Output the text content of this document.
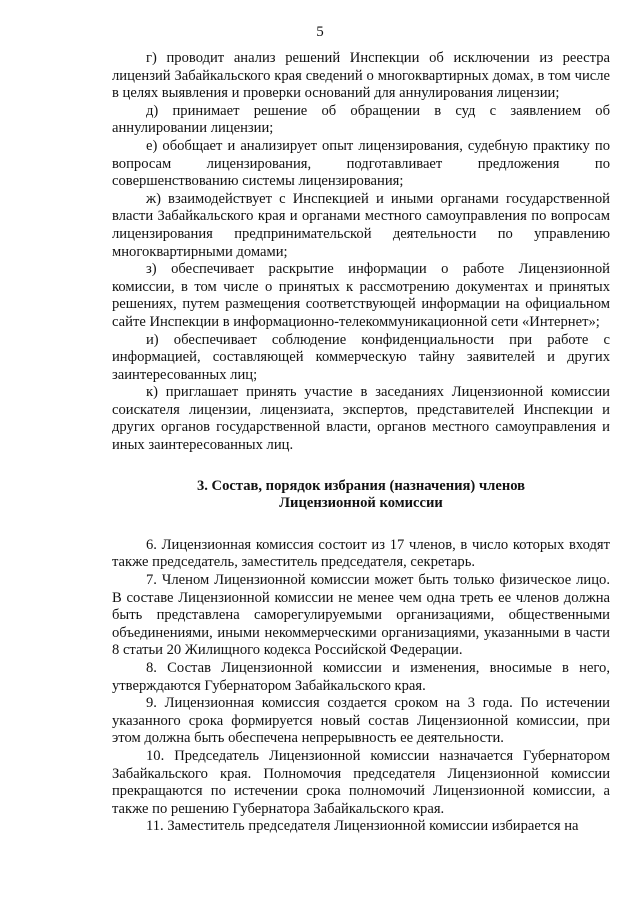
5

г) проводит анализ решений Инспекции об исключении из реестра лицензий Забайкальского края сведений о многоквартирных домах, в том числе в целях выявления и проверки оснований для аннулирования лицензии;

д) принимает решение об обращении в суд с заявлением об аннулировании лицензии;

е) обобщает и анализирует опыт лицензирования, судебную практику по вопросам лицензирования, подготавливает предложения по совершенствованию системы лицензирования;

ж) взаимодействует с Инспекцией и иными органами государственной власти Забайкальского края и органами местного самоуправления по вопросам лицензирования предпринимательской деятельности по управлению многоквартирными домами;

з) обеспечивает раскрытие информации о работе Лицензионной комиссии, в том числе о принятых к рассмотрению документах и принятых решениях, путем размещения соответствующей информации на официальном сайте Инспекции в информационно-телекоммуникационной сети «Интернет»;

и) обеспечивает соблюдение конфиденциальности при работе с информацией, составляющей коммерческую тайну заявителей и других заинтересованных лиц;

к) приглашает принять участие в заседаниях Лицензионной комиссии соискателя лицензии, лицензиата, экспертов, представителей Инспекции и других органов государственной власти, органов местного самоуправления и иных заинтересованных лиц.

3. Состав, порядок избрания (назначения) членов
Лицензионной комиссии

6. Лицензионная комиссия состоит из 17 членов, в число которых входят также председатель, заместитель председателя, секретарь.

7. Членом Лицензионной комиссии может быть только физическое лицо. В составе Лицензионной комиссии не менее чем одна треть ее членов должна быть представлена саморегулируемыми организациями, общественными объединениями, иными некоммерческими организациями, указанными в части 8 статьи 20 Жилищного кодекса Российской Федерации.

8. Состав Лицензионной комиссии и изменения, вносимые в него, утверждаются Губернатором Забайкальского края.

9. Лицензионная комиссия создается сроком на 3 года. По истечении указанного срока формируется новый состав Лицензионной комиссии, при этом должна быть обеспечена непрерывность ее деятельности.

10. Председатель Лицензионной комиссии назначается Губернатором Забайкальского края. Полномочия председателя Лицензионной комиссии прекращаются по истечении срока полномочий Лицензионной комиссии, а также по решению Губернатора Забайкальского края.

11. Заместитель председателя Лицензионной комиссии избирается на
